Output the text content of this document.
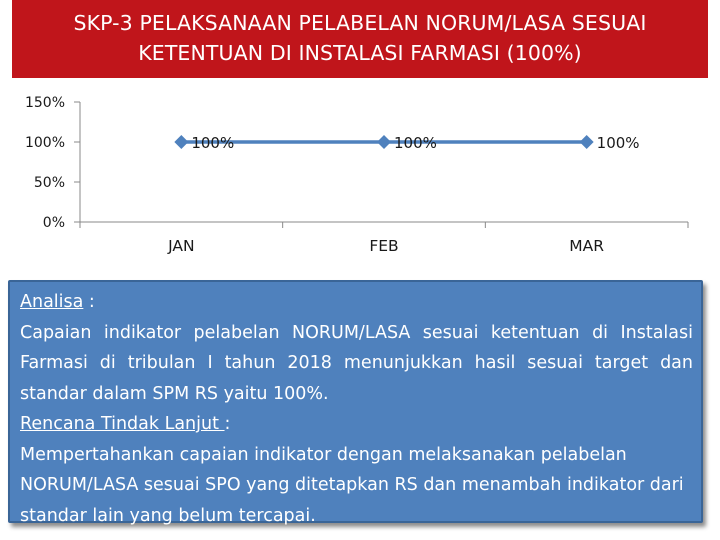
SKP-3 PELAKSANAAN PELABELAN NORUM/LASA SESUAI
KETENTUAN DI INSTALASI FARMASI (100%)
0%
50%
100%
150%
JAN	FEB	MAR
100%	100%	100%

Analisa :

Capaian indikator pelabelan NORUM/LASA sesuai ketentuan di Instalasi Farmasi di tribulan I tahun 2018 menunjukkan hasil sesuai target dan standar dalam SPM RS yaitu 100%.

Rencana Tindak Lanjut :

Mempertahankan capaian indikator dengan melaksanakan pelabelan NORUM/LASA sesuai SPO yang ditetapkan RS dan menambah indikator dari standar lain yang belum tercapai.
